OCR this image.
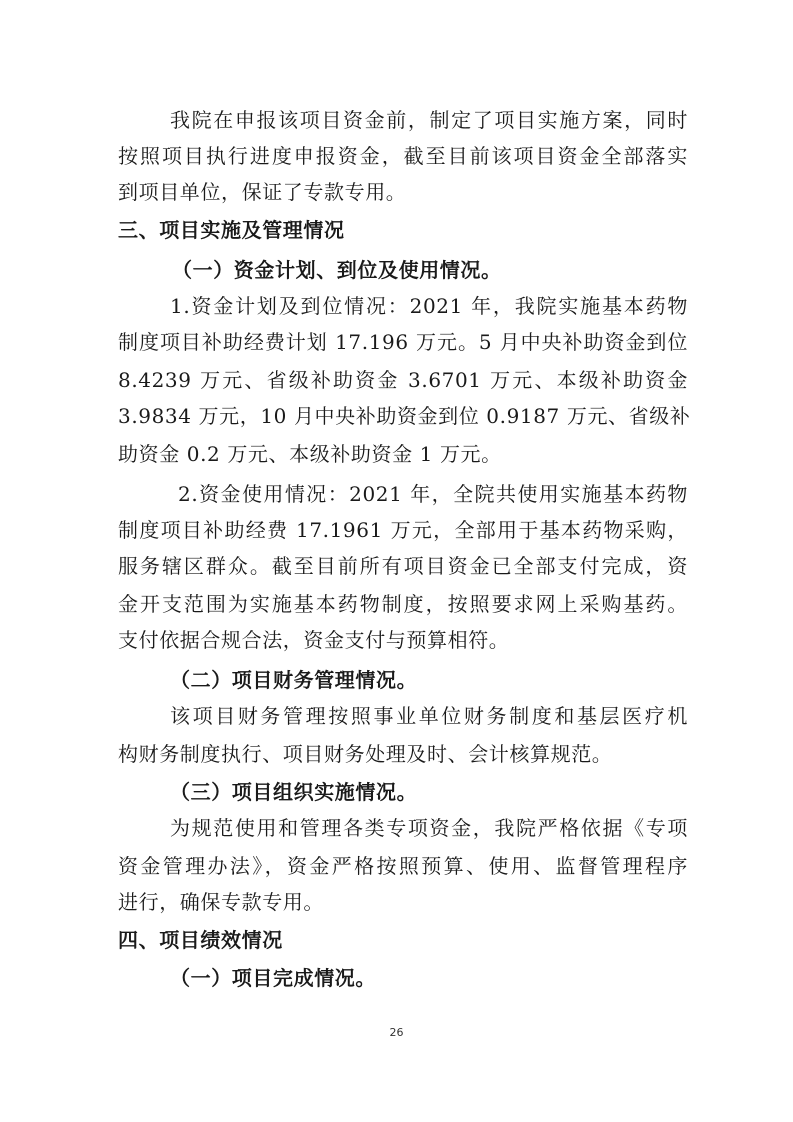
我院在申报该项目资金前，制定了项目实施方案，同时
按照项目执行进度申报资金，截至目前该项目资金全部落实
到项目单位，保证了专款专用。
三、项目实施及管理情况
（一）资金计划、到位及使用情况。
1.资金计划及到位情况：2021 年，我院实施基本药物
制度项目补助经费计划 17.196 万元。5 月中央补助资金到位
8.4239 万元、省级补助资金 3.6701 万元、本级补助资金
3.9834 万元，10 月中央补助资金到位 0.9187 万元、省级补
助资金 0.2 万元、本级补助资金 1 万元。
2.资金使用情况：2021 年，全院共使用实施基本药物
制度项目补助经费 17.1961 万元，全部用于基本药物采购，
服务辖区群众。截至目前所有项目资金已全部支付完成，资
金开支范围为实施基本药物制度，按照要求网上采购基药。
支付依据合规合法，资金支付与预算相符。
（二）项目财务管理情况。
该项目财务管理按照事业单位财务制度和基层医疗机
构财务制度执行、项目财务处理及时、会计核算规范。
（三）项目组织实施情况。
为规范使用和管理各类专项资金，我院严格依据《专项
资金管理办法》，资金严格按照预算、使用、监督管理程序
进行，确保专款专用。
四、项目绩效情况
（一）项目完成情况。
26
